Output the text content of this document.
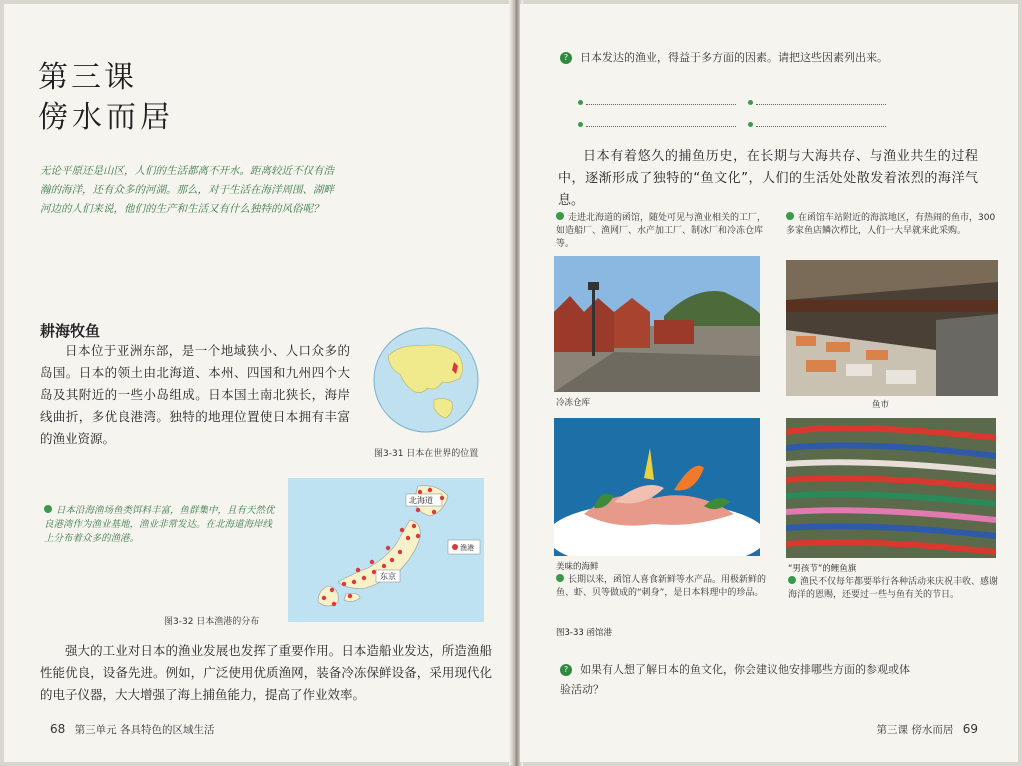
第三课
傍水而居
无论平原还是山区，人们的生活都离不开水。距离较近不仅有浩瀚的海洋，还有众多的河湖。那么，对于生活在海洋周围、湖畔河边的人们来说，他们的生产和生活又有什么独特的风俗呢？
耕海牧鱼
日本位于亚洲东部，是一个地域狭小、人口众多的岛国。日本的领土由北海道、本州、四国和九州四个大岛及其附近的一些小岛组成。日本国土南北狭长，海岸线曲折，多优良港湾。独特的地理位置使日本拥有丰富的渔业资源。
图3-31 日本在世界的位置
日本沿海渔场鱼类饵料丰富，鱼群集中，且有天然优良港湾作为渔业基地，渔业非常发达。在北海道海岸线上分布着众多的渔港。
北海道
东京
渔港
图3-32 日本渔港的分布
强大的工业对日本的渔业发展也发挥了重要作用。日本造船业发达，所造渔船性能优良，设备先进。例如，广泛使用优质渔网，装备冷冻保鲜设备，采用现代化的电子仪器，大大增强了海上捕鱼能力，提高了作业效率。
68 第三单元 各具特色的区域生活
? 日本发达的渔业，得益于多方面的因素。请把这些因素列出来。
日本有着悠久的捕鱼历史，在长期与大海共存、与渔业共生的过程中，逐渐形成了独特的“鱼文化”，人们的生活处处散发着浓烈的海洋气息。
走进北海道的函馆，随处可见与渔业相关的工厂，如造船厂、渔网厂、水产加工厂、制冰厂和冷冻仓库等。
在函馆车站附近的海滨地区，有热闹的鱼市，300多家鱼店鳞次栉比，人们一大早就来此采购。
冷冻仓库	鱼市
美味的海鲜
长期以来，函馆人喜食新鲜等水产品。用极新鲜的鱼、虾、贝等做成的“刺身”，是日本料理中的珍品。
图3-33 函馆港
“男孩节”的鲤鱼旗
渔民不仅每年都要举行各种活动来庆祝丰收、感谢海洋的恩赐，还要过一些与鱼有关的节日。
? 如果有人想了解日本的鱼文化，你会建议他安排哪些方面的参观或体验活动？
第三课 傍水而居 69
